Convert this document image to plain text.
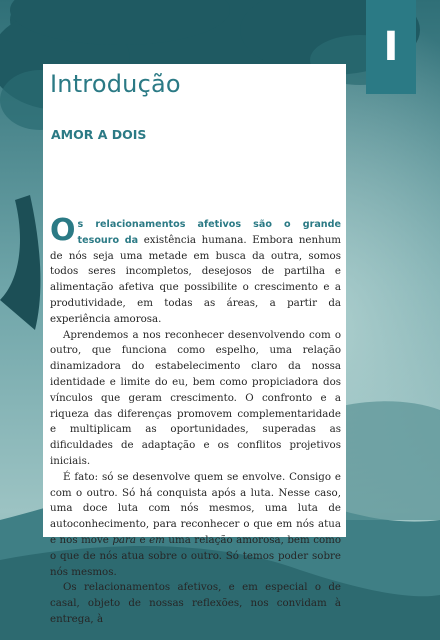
I
Introdução
AMOR A DOIS

Os relacionamentos afetivos são o grande tesouro da existência humana. Embora nenhum de nós seja uma metade em busca da outra, somos todos seres incompletos, desejosos de partilha e alimentação afetiva que possibilite o crescimento e a produtividade, em todas as áreas, a partir da experiência amorosa.

Aprendemos a nos reconhecer desenvolvendo com o outro, que funciona como espelho, uma relação dinamizadora do estabelecimento claro da nossa identidade e limite do eu, bem como propiciadora dos vínculos que geram crescimento. O confronto e a riqueza das diferenças promovem complementaridade e multiplicam as oportunidades, superadas as dificuldades de adaptação e os conflitos projetivos iniciais.

É fato: só se desenvolve quem se envolve. Consigo e com o outro. Só há conquista após a luta. Nesse caso, uma doce luta com nós mesmos, uma luta de autoconhecimento, para reconhecer o que em nós atua e nos move para e em uma relação amorosa, bem como o que de nós atua sobre o outro. Só temos poder sobre nós mesmos.

Os relacionamentos afetivos, e em especial o de casal, objeto de nossas reflexões, nos convidam à entrega, à
